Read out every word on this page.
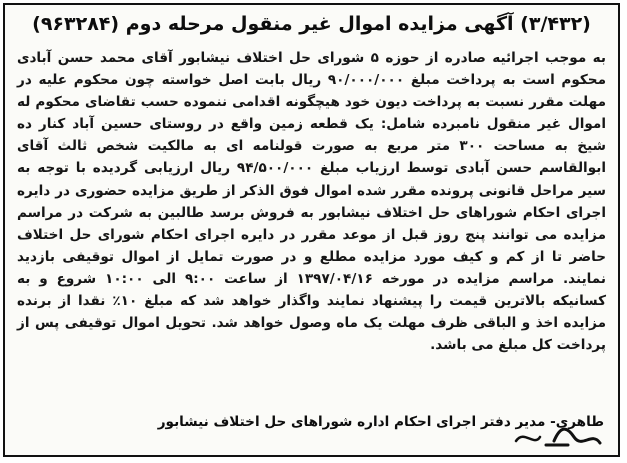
(۳/۴۳۲) آگهی مزایده اموال غیر منقول مرحله دوم (۹۶۳۲۸۴)

به موجب اجرائیه صادره از حوزه ۵ شورای حل اختلاف نیشابور آقای محمد حسن آبادی محکوم است به پرداخت مبلغ ۹۰/۰۰۰/۰۰۰ ریال بابت اصل خواسته چون محکوم علیه در مهلت مقرر نسبت به پرداخت دیون خود هیچگونه اقدامی ننموده حسب تقاضای محکوم له اموال غیر منقول نامبرده شامل: یک قطعه زمین واقع در روستای حسین آباد کنار ده شیخ به مساحت ۳۰۰ متر مربع به صورت قولنامه ای به مالکیت شخص ثالث آقای ابوالقاسم حسن آبادی توسط ارزیاب مبلغ ۹۴/۵۰۰/۰۰۰ ریال ارزیابی گردیده با توجه به سیر مراحل قانونی پرونده مقرر شده اموال فوق الذکر از طریق مزایده حضوری در دایره اجرای احکام شوراهای حل اختلاف نیشابور به فروش برسد طالبین به شرکت در مراسم مزایده می توانند پنج روز قبل از موعد مقرر در دایره اجرای احکام شورای حل اختلاف حاضر تا از کم و کیف مورد مزایده مطلع و در صورت تمایل از اموال توقیفی بازدید نمایند. مراسم مزایده در مورخه ۱۳۹۷/۰۴/۱۶ از ساعت ۹:۰۰ الی ۱۰:۰۰ شروع و به کسانیکه بالاترین قیمت را پیشنهاد نمایند واگذار خواهد شد که مبلغ ۱۰٪ نقدا از برنده مزایده اخذ و الباقی ظرف مهلت یک ماه وصول خواهد شد. تحویل اموال توقیفی پس از پرداخت کل مبلغ می باشد.

طاهری- مدیر دفتر اجرای احکام اداره شوراهای حل اختلاف نیشابور
